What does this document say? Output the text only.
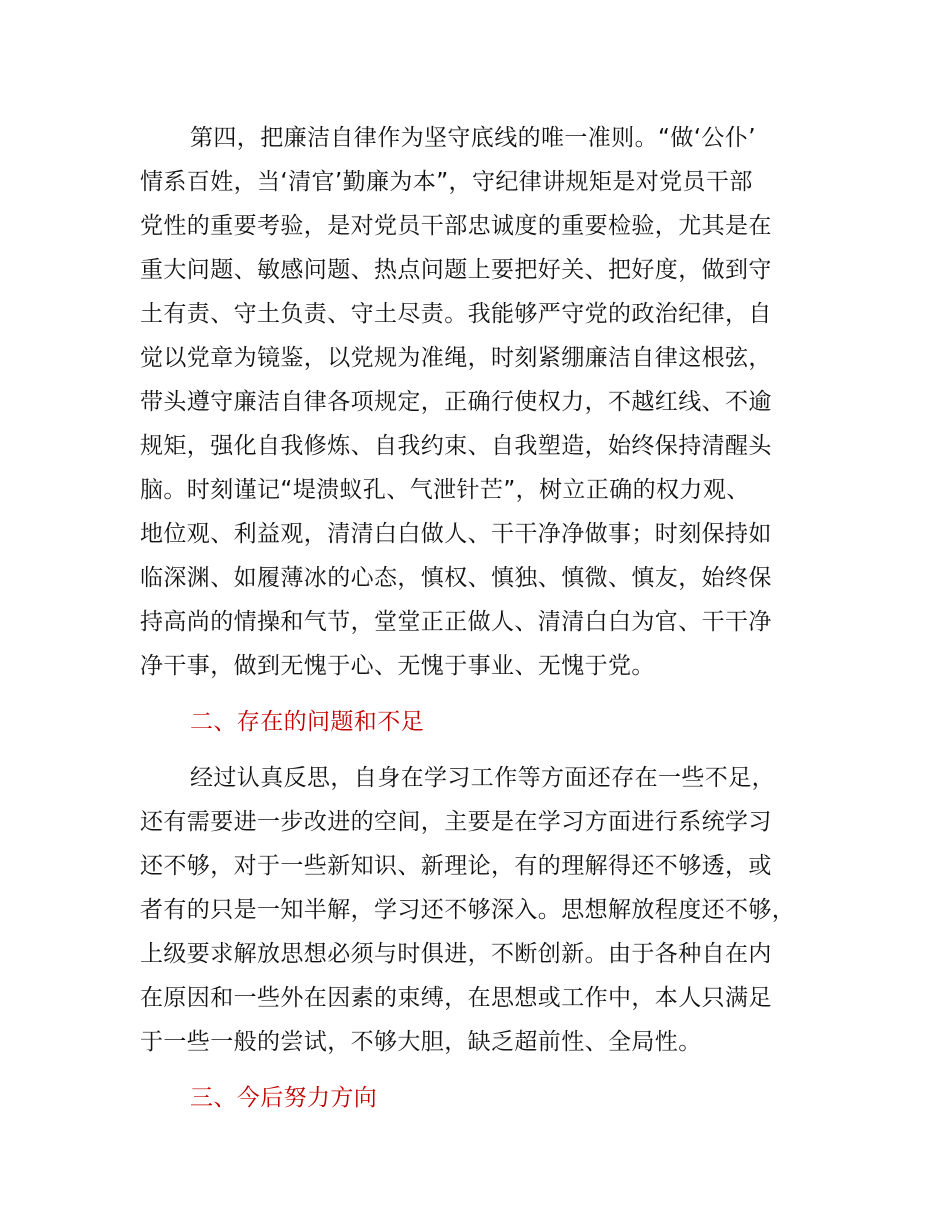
第四，把廉洁自律作为坚守底线的唯一准则。“做‘公仆’

情系百姓，当‘清官’勤廉为本”，守纪律讲规矩是对党员干部

党性的重要考验，是对党员干部忠诚度的重要检验，尤其是在

重大问题、敏感问题、热点问题上要把好关、把好度，做到守

土有责、守土负责、守土尽责。我能够严守党的政治纪律，自

觉以党章为镜鉴，以党规为准绳，时刻紧绷廉洁自律这根弦，

带头遵守廉洁自律各项规定，正确行使权力，不越红线、不逾

规矩，强化自我修炼、自我约束、自我塑造，始终保持清醒头

脑。时刻谨记“堤溃蚁孔、气泄针芒”，树立正确的权力观、

地位观、利益观，清清白白做人、干干净净做事；时刻保持如

临深渊、如履薄冰的心态，慎权、慎独、慎微、慎友，始终保

持高尚的情操和气节，堂堂正正做人、清清白白为官、干干净

净干事，做到无愧于心、无愧于事业、无愧于党。

二、存在的问题和不足

经过认真反思，自身在学习工作等方面还存在一些不足，

还有需要进一步改进的空间，主要是在学习方面进行系统学习

还不够，对于一些新知识、新理论，有的理解得还不够透，或

者有的只是一知半解，学习还不够深入。思想解放程度还不够，

上级要求解放思想必须与时俱进，不断创新。由于各种自在内

在原因和一些外在因素的束缚，在思想或工作中，本人只满足

于一些一般的尝试，不够大胆，缺乏超前性、全局性。

三、今后努力方向
